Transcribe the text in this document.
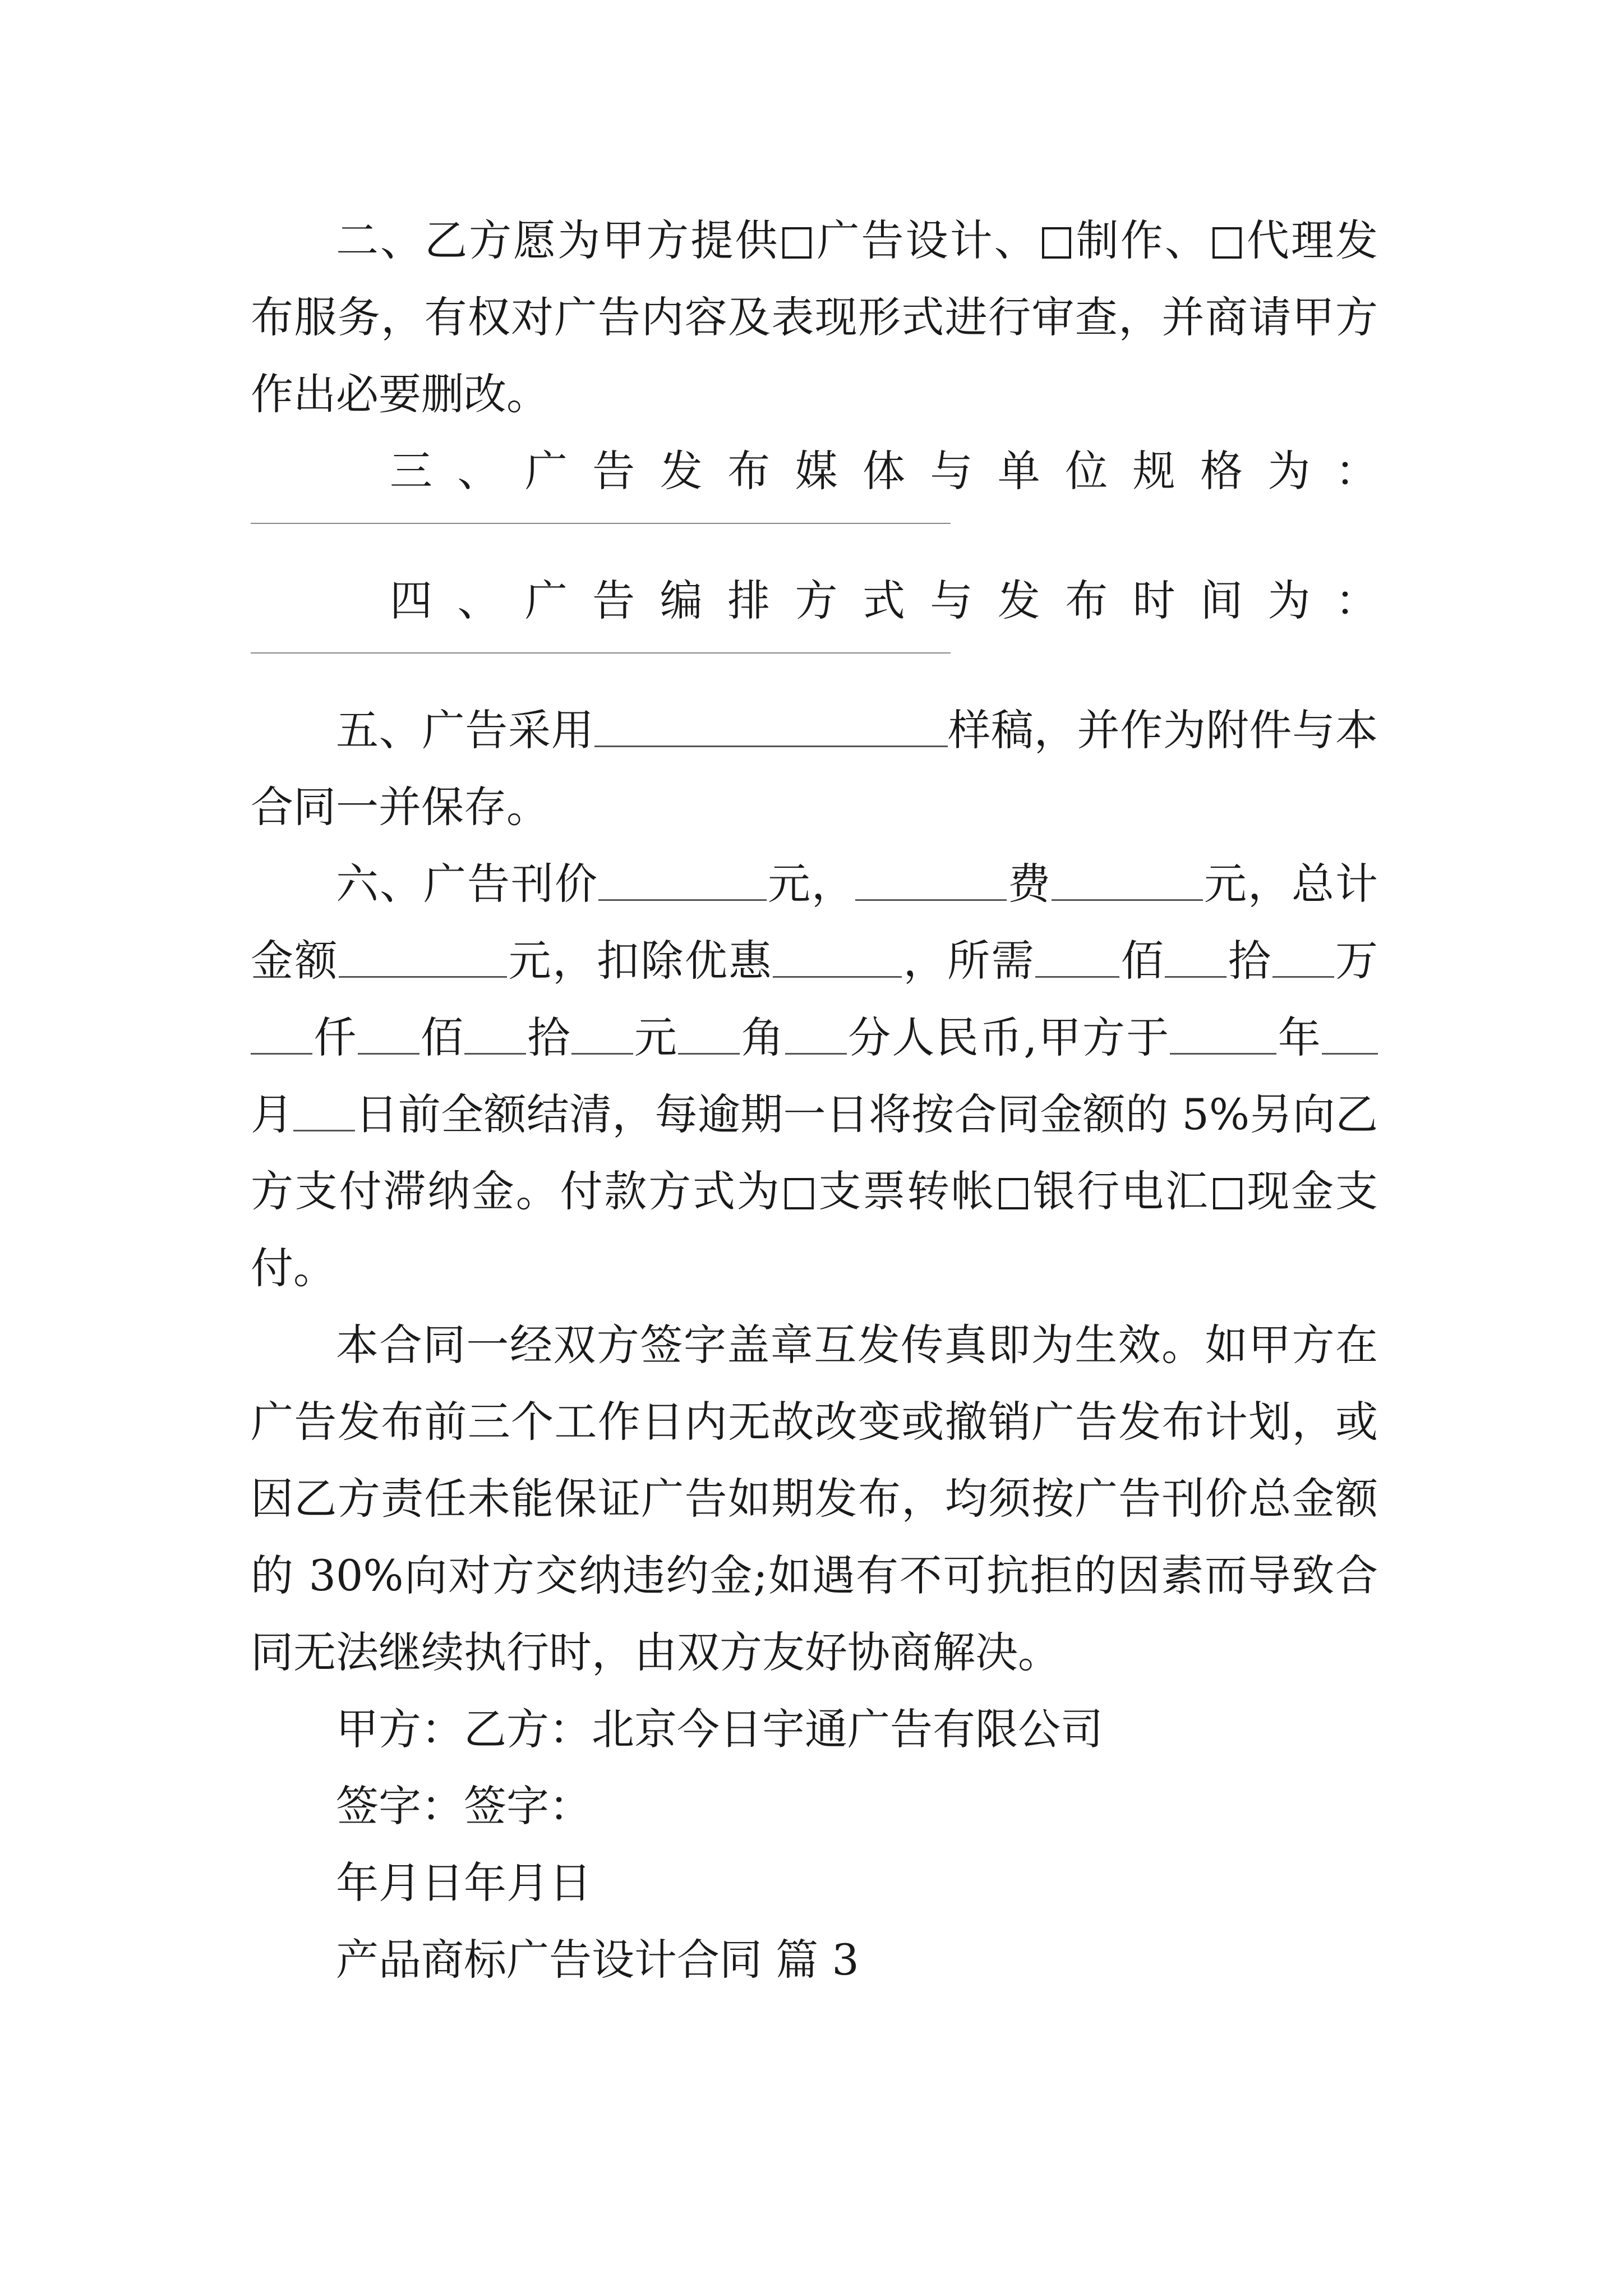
二、乙方愿为甲方提供 广告设计、 制作、 代理发布服务，有权对广告内容及表现形式进行审查，并商请甲方作出必要删改。

三 、 广 告 发 布 媒 体 与 单 位 规 格 为 ：
四 、 广 告 编 排 方 式 与 发 布 时 间 为 ：

五、广告采用	样稿，并作为附件与本合同一并保存。

六、广告刊价	元，	费	元，总计金额	元，扣除优惠	，所需 佰 拾 万仟 佰 拾 元 角 分人民币,甲方于	年月 日前全额结清，每逾期一日将按合同金额的 5%另向乙方支付滞纳金。付款方式为 支票转帐 银行电汇 现金支付。

本合同一经双方签字盖章互发传真即为生效。如甲方在广告发布前三个工作日内无故改变或撤销广告发布计划，或因乙方责任未能保证广告如期发布，均须按广告刊价总金额的 30%向对方交纳违约金;如遇有不可抗拒的因素而导致合同无法继续执行时，由双方友好协商解决。

甲方：乙方：北京今日宇通广告有限公司

签字：签字：

年月日年月日

产品商标广告设计合同 篇 3
